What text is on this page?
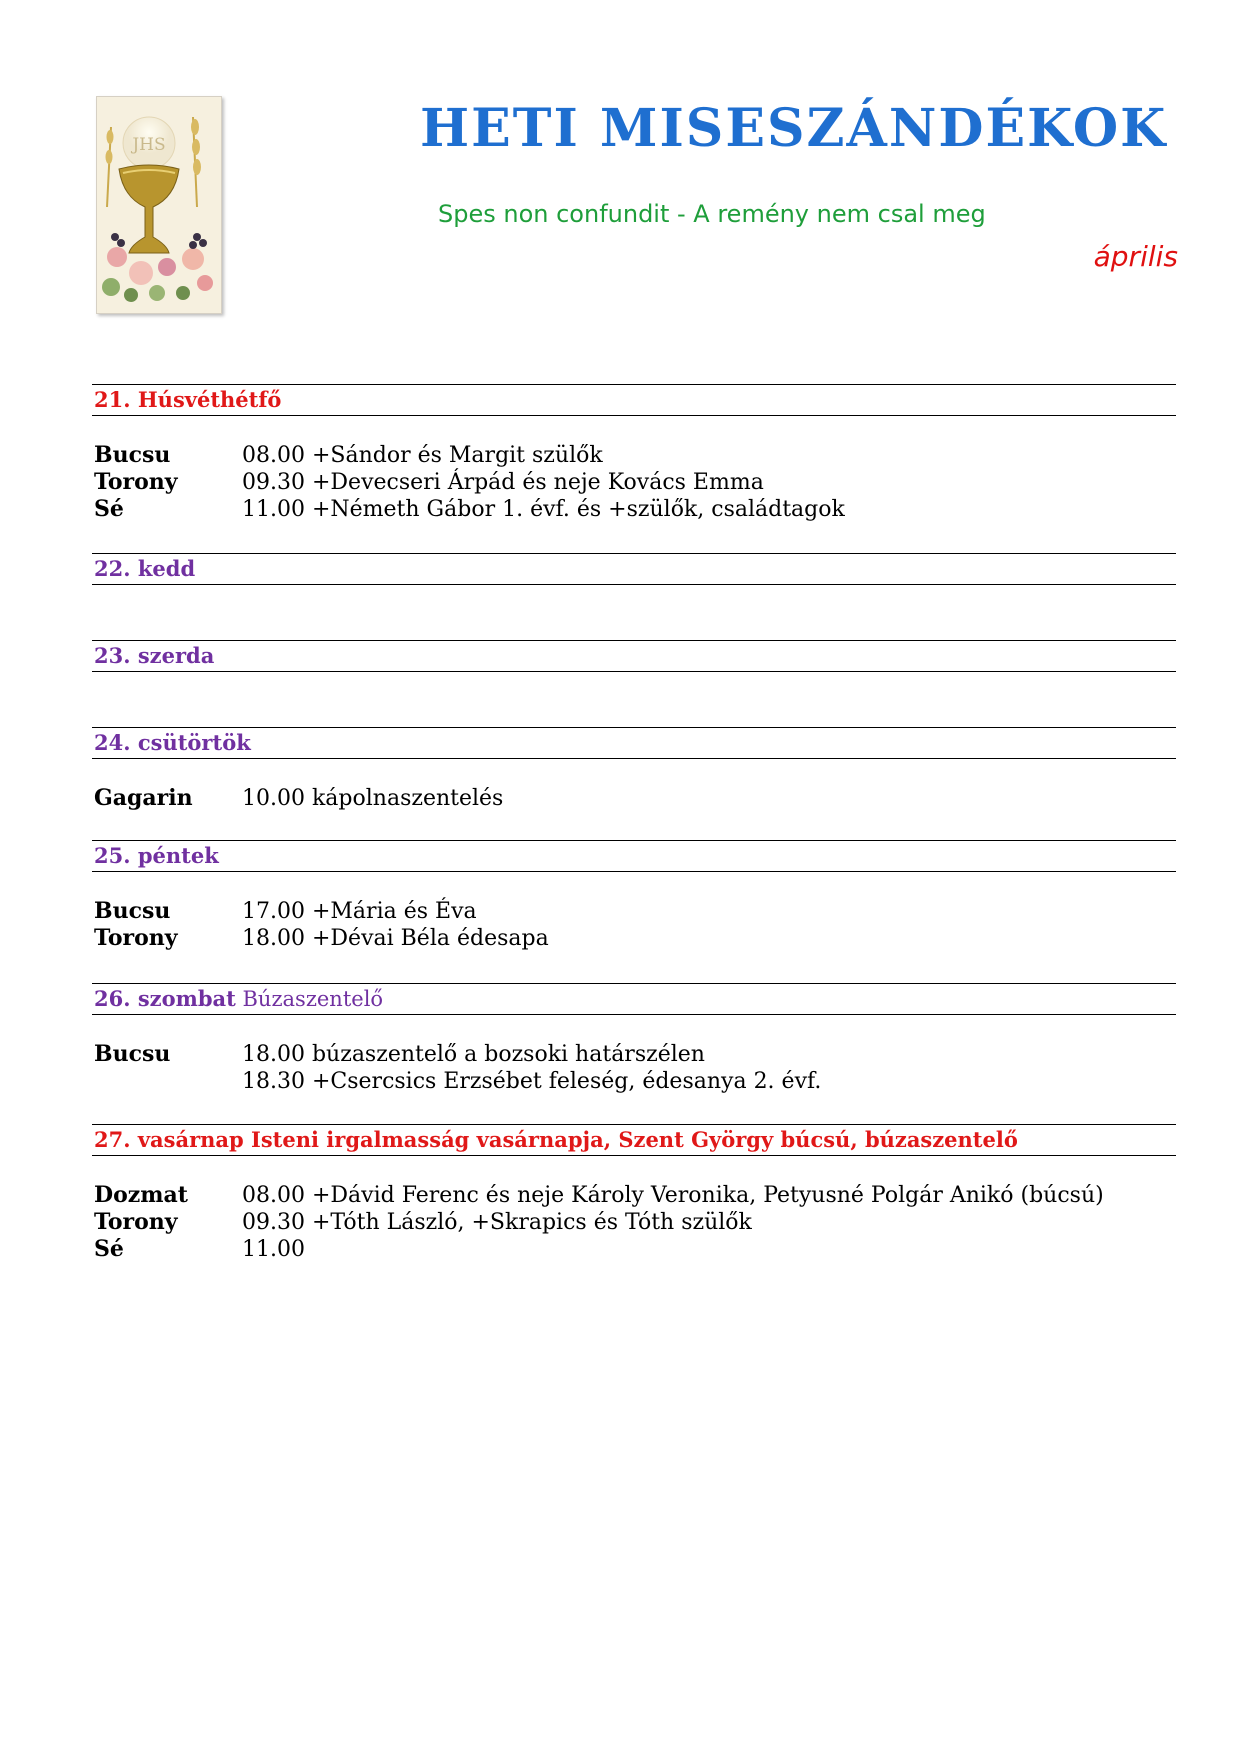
JHS	HETI MISESZÁNDÉKOK
Spes non confundit - A remény nem csal meg
április
21. Húsvéthétfő
Bucsu	08.00 +Sándor és Margit szülők
Torony	09.30 +Devecseri Árpád és neje Kovács Emma
Sé	11.00 +Németh Gábor 1. évf. és +szülők, családtagok
22. kedd
23. szerda
24. csütörtök
Gagarin	10.00 kápolnaszentelés
25. péntek
Bucsu	17.00 +Mária és Éva
Torony	18.00 +Dévai Béla édesapa
26. szombat Búzaszentelő
Bucsu	18.00 búzaszentelő a bozsoki határszélen
18.30 +Csercsics Erzsébet feleség, édesanya 2. évf.
27. vasárnap Isteni irgalmasság vasárnapja, Szent György búcsú, búzaszentelő
Dozmat	08.00 +Dávid Ferenc és neje Károly Veronika, Petyusné Polgár Anikó (búcsú)
Torony	09.30 +Tóth László, +Skrapics és Tóth szülők
Sé	11.00
